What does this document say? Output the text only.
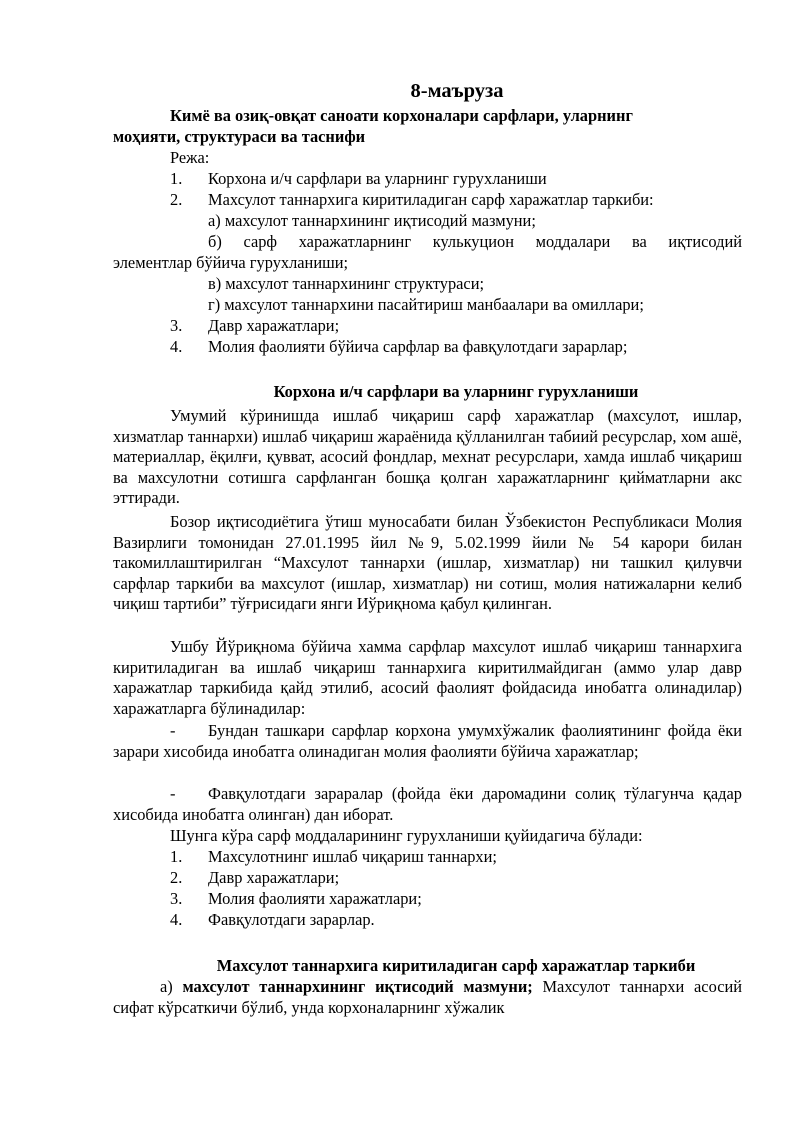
8-маъруза
Кимё ва озиқ-овқат саноати корхоналари сарфлари, уларнинг
моҳияти, структураси ва таснифи
Режа:
1. Корхона и/ч сарфлари ва уларнинг гурухланиши
2. Махсулот таннархига киритиладиган сарф харажатлар таркиби:
а) махсулот таннархининг иқтисодий мазмуни;
б) сарф харажатларнинг кулькуцион моддалари ва иқтисодий
элементлар бўйича гурухланиши;
в) махсулот таннархининг структураси;
г) махсулот таннархини пасайтириш манбаалари ва омиллари;
3. Давр харажатлари;
4. Молия фаолияти бўйича сарфлар ва фавқулотдаги зарарлар;
Корхона и/ч сарфлари ва уларнинг гурухланиши
Умумий кўринишда ишлаб чиқариш сарф харажатлар (махсулот, ишлар, хизматлар таннархи) ишлаб чиқариш жараёнида қўлланилган табиий ресурслар, хом ашё, материаллар, ёқилғи, қувват, асосий фондлар, мехнат ресурслари, хамда ишлаб чиқариш ва махсулотни сотишга сарфланган бошқа қолган харажатларнинг қийматларни акс эттиради.
Бозор иқтисодиётига ўтиш муносабати билан Ўзбекистон Республикаси Молия Вазирлиги томонидан 27.01.1995 йил №9, 5.02.1999 йили № 54 карори билан такомиллаштирилган “Махсулот таннархи (ишлар, хизматлар) ни ташкил қилувчи сарфлар таркиби ва махсулот (ишлар, хизматлар) ни сотиш, молия натижаларни келиб чиқиш тартиби” тўғрисидаги янги Иўриқнома қабул қилинган.
Ушбу Йўриқнома бўйича хамма сарфлар махсулот ишлаб чиқариш таннархига киритиладиган ва ишлаб чиқариш таннархига киритилмайдиган (аммо улар давр харажатлар таркибида қайд этилиб, асосий фаолият фойдасида инобатга олинадилар) харажатларга бўлинадилар:
-	Бундан ташкари сарфлар корхона умумхўжалик фаолиятининг фойда ёки зарари хисобида инобатга олинадиган молия фаолияти бўйича харажатлар;
-	Фавқулотдаги зараралар (фойда ёки даромадини солиқ тўлагунча қадар хисобида инобатга олинган) дан иборат.
Шунга кўра сарф моддаларининг гурухланиши қуйидагича бўлади:
1. Махсулотнинг ишлаб чиқариш таннархи;
2. Давр харажатлари;
3. Молия фаолияти харажатлари;
4. Фавқулотдаги зарарлар.
Махсулот таннархига киритиладиган сарф харажатлар таркиби
а) махсулот таннархининг иқтисодий мазмуни; Махсулот таннархи асосий сифат кўрсаткичи бўлиб, унда корхоналарнинг хўжалик
